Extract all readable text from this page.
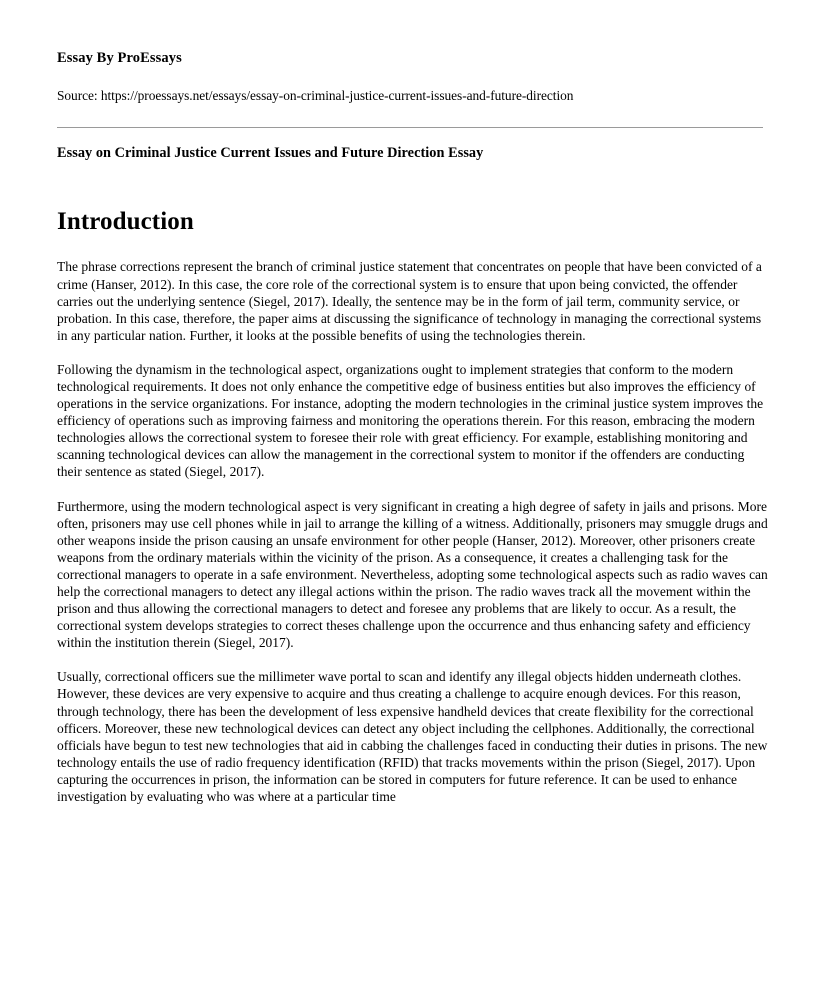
Essay By ProEssays
Source: https://proessays.net/essays/essay-on-criminal-justice-current-issues-and-future-direction
Essay on Criminal Justice Current Issues and Future Direction Essay
Introduction

The phrase corrections represent the branch of criminal justice statement that concentrates on people that have been convicted of a crime (Hanser, 2012). In this case, the core role of the correctional system is to ensure that upon being convicted, the offender carries out the underlying sentence (Siegel, 2017). Ideally, the sentence may be in the form of jail term, community service, or probation. In this case, therefore, the paper aims at discussing the significance of technology in managing the correctional systems in any particular nation. Further, it looks at the possible benefits of using the technologies therein.

Following the dynamism in the technological aspect, organizations ought to implement strategies that conform to the modern technological requirements. It does not only enhance the competitive edge of business entities but also improves the efficiency of operations in the service organizations. For instance, adopting the modern technologies in the criminal justice system improves the efficiency of operations such as improving fairness and monitoring the operations therein. For this reason, embracing the modern technologies allows the correctional system to foresee their role with great efficiency. For example, establishing monitoring and scanning technological devices can allow the management in the correctional system to monitor if the offenders are conducting their sentence as stated (Siegel, 2017).

Furthermore, using the modern technological aspect is very significant in creating a high degree of safety in jails and prisons. More often, prisoners may use cell phones while in jail to arrange the killing of a witness. Additionally, prisoners may smuggle drugs and other weapons inside the prison causing an unsafe environment for other people (Hanser, 2012). Moreover, other prisoners create weapons from the ordinary materials within the vicinity of the prison. As a consequence, it creates a challenging task for the correctional managers to operate in a safe environment. Nevertheless, adopting some technological aspects such as radio waves can help the correctional managers to detect any illegal actions within the prison. The radio waves track all the movement within the prison and thus allowing the correctional managers to detect and foresee any problems that are likely to occur. As a result, the correctional system develops strategies to correct theses challenge upon the occurrence and thus enhancing safety and efficiency within the institution therein (Siegel, 2017).

Usually, correctional officers sue the millimeter wave portal to scan and identify any illegal objects hidden underneath clothes. However, these devices are very expensive to acquire and thus creating a challenge to acquire enough devices. For this reason, through technology, there has been the development of less expensive handheld devices that create flexibility for the correctional officers. Moreover, these new technological devices can detect any object including the cellphones. Additionally, the correctional officials have begun to test new technologies that aid in cabbing the challenges faced in conducting their duties in prisons. The new technology entails the use of radio frequency identification (RFID) that tracks movements within the prison (Siegel, 2017). Upon capturing the occurrences in prison, the information can be stored in computers for future reference. It can be used to enhance investigation by evaluating who was where at a particular time
